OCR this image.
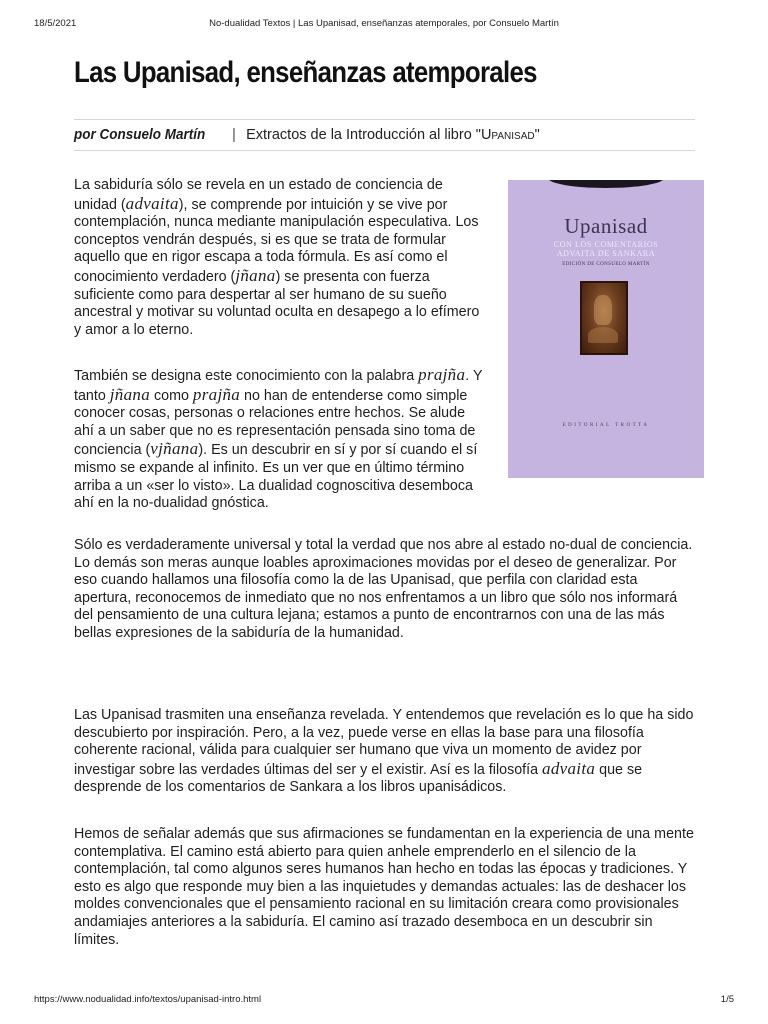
18/5/2021	No-dualidad Textos | Las Upanisad, enseñanzas atemporales, por Consuelo Martín
Las Upanisad, enseñanzas atemporales
por Consuelo Martín | Extractos de la Introducción al libro "Upanisad"
Upanisad
CON LOS COMENTARIOS
ADVAITA DE SANKARA
EDICIÓN DE CONSUELO MARTÍN
EDITORIAL TROTTA

La sabiduría sólo se revela en un estado de conciencia de unidad (advaita), se comprende por intuición y se vive por contemplación, nunca mediante manipulación especulativa. Los conceptos vendrán después, si es que se trata de formular aquello que en rigor escapa a toda fórmula. Es así como el conocimiento verdadero (jñana) se presenta con fuerza suficiente como para despertar al ser humano de su sueño ancestral y motivar su voluntad oculta en desapego a lo efímero y amor a lo eterno.

También se designa este conocimiento con la palabra prajña. Y tanto jñana como prajña no han de entenderse como simple conocer cosas, personas o relaciones entre hechos. Se alude ahí a un saber que no es representación pensada sino toma de conciencia (vjñana). Es un descubrir en sí y por sí cuando el sí mismo se expande al infinito. Es un ver que en último término arriba a un «ser lo visto». La dualidad cognoscitiva desemboca ahí en la no-dualidad gnóstica.

Sólo es verdaderamente universal y total la verdad que nos abre al estado no-dual de conciencia. Lo demás son meras aunque loables aproximaciones movidas por el deseo de generalizar. Por eso cuando hallamos una filosofía como la de las Upanisad, que perfila con claridad esta apertura, reconocemos de inmediato que no nos enfrentamos a un libro que sólo nos informará del pensamiento de una cultura lejana; estamos a punto de encontrarnos con una de las más bellas expresiones de la sabiduría de la humanidad.

Las Upanisad trasmiten una enseñanza revelada. Y entendemos que revelación es lo que ha sido descubierto por inspiración. Pero, a la vez, puede verse en ellas la base para una filosofía coherente racional, válida para cualquier ser humano que viva un momento de avidez por investigar sobre las verdades últimas del ser y el existir. Así es la filosofía advaita que se desprende de los comentarios de Sankara a los libros upanisádicos.

Hemos de señalar además que sus afirmaciones se fundamentan en la experiencia de una mente contemplativa. El camino está abierto para quien anhele emprenderlo en el silencio de la contemplación, tal como algunos seres humanos han hecho en todas las épocas y tradiciones. Y esto es algo que responde muy bien a las inquietudes y demandas actuales: las de deshacer los moldes convencionales que el pensamiento racional en su limitación creara como provisionales andamiajes anteriores a la sabiduría. El camino así trazado desemboca en un descubrir sin límites.

https://www.nodualidad.info/textos/upanisad-intro.html	1/5
